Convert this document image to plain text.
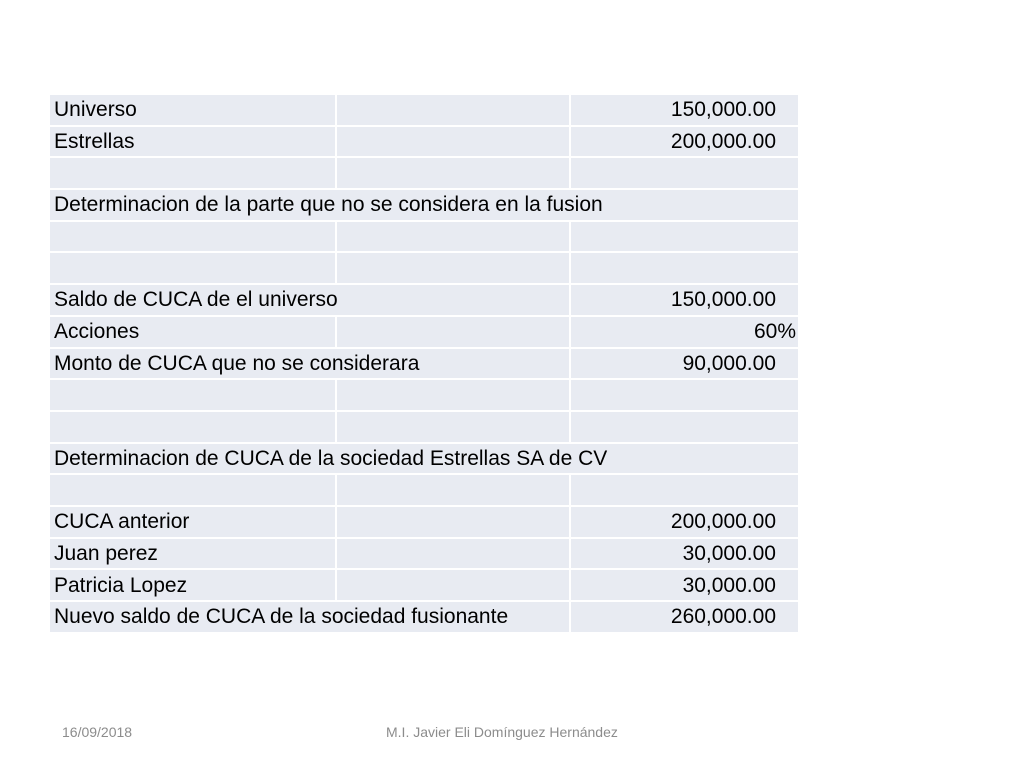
Universo		150,000.00
Estrellas		200,000.00

Determinacion de la parte que no se considera en la fusion		

Saldo de CUCA de el universo		150,000.00
Acciones		60%
Monto de CUCA que no se considerara		90,000.00

Determinacion de CUCA de la sociedad Estrellas SA de CV		

CUCA anterior		200,000.00
Juan perez		30,000.00
Patricia Lopez		30,000.00
Nuevo saldo de CUCA de la sociedad fusionante		260,000.00
16/09/2018	M.I. Javier Eli Domínguez Hernández
